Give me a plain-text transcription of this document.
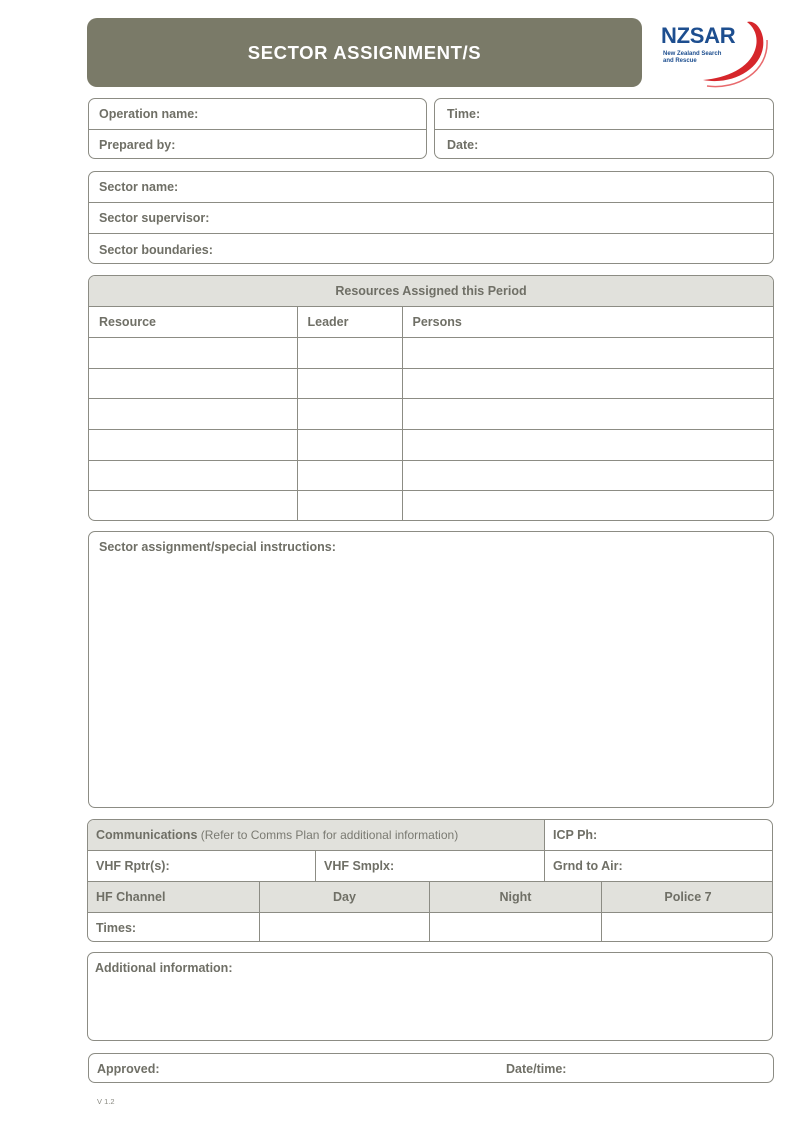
SECTOR ASSIGNMENT/S
NZSAR
New Zealand Search
and Rescue
Operation name:
Prepared by:
Time:
Date:
Sector name:
Sector supervisor:
Sector boundaries:
Resources Assigned this Period		
Resource	Leader	Persons

Sector assignment/special instructions:
Communications
(Refer to Comms Plan for additional information)	ICP Ph:
VHF Rptr(s):	VHF Smplx:	Grnd to Air:
HF Channel	Day	Night	Police 7
Times:
Additional information:
Approved:	Date/time:
V 1.2
